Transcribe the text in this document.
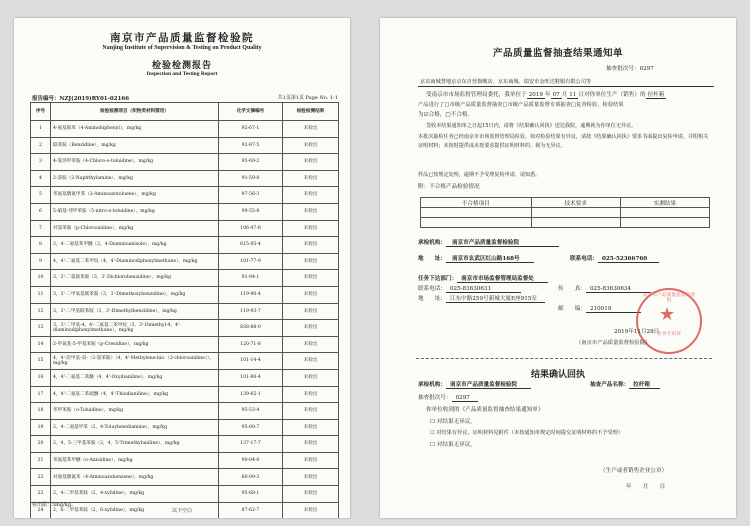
南京市产品质量监督检验院
Nanjing Institute of Supervision & Testing on Product Quality
检验检测报告
Inspection and Testing Report
报告编号：NZJ(2019)RY01-02166	共1页第1页 Page No. 1-1
序号	检验检测项目（织物类材料禁用）	化学文摘编号	检验检测结果
1	4-氨基联苯（4-Aminobiphenyl），mg/kg	92-67-1	未检出
2	联苯胺（Benzidine），mg/kg	92-87-5	未检出
3	4-氯邻甲苯胺（4-Chloro-o-toluidine），mg/kg	95-69-2	未检出
4	2-萘胺（2-Naphthylamine），mg/kg	91-59-8	未检出
5	邻氨基偶氮甲苯（2-Aminoazotoluene），mg/kg	97-56-3	未检出
6	5-硝基-邻甲苯胺（5-nitro-o-toluidine），mg/kg	99-55-8	未检出
7	对氯苯胺（p-Chloroaniline），mg/kg	106-47-8	未检出
8	2，4-二氨基苯甲醚（2，4-Diaminoanisole），mg/kg	615-05-4	未检出
9	4，4'-二氨基二苯甲烷（4，4'-Diaminodiphenylmethane），mg/kg	101-77-9	未检出
10	3，3'-二氯联苯胺（3，3'-Dichlorobenzidine），mg/kg	91-94-1	未检出
11	3，3'-二甲氧基联苯胺（3，3'-Dimethoxybenzidine），mg/kg	119-90-4	未检出
12	3，3'-二甲基联苯胺（3，3'-Dimethylbenzidine），mg/kg	119-93-7	未检出
13	3，3'-二甲基-4，4'-二氨基二苯甲烷（3，3'-Dimethyl-4，4'-diaminodiphenylmethane），mg/kg	838-88-0	未检出
14	2-甲氧基-5-甲基苯胺（p-Cresidine），mg/kg	120-71-8	未检出
15	4，4'-次甲基-双-（2-氯苯胺）（4，4'-Methylene-bis-（2-chloroaniline）），mg/kg	101-14-4	未检出
16	4，4'-二氨基二苯醚（4，4'-Oxydianiline），mg/kg	101-80-4	未检出
17	4，4'-二氨基二苯硫醚（4，4'-Thiodianiline），mg/kg	139-65-1	未检出
18	邻甲苯胺（o-Toluidine），mg/kg	95-53-4	未检出
19	2，4-二氨基甲苯（2，4-Toluylenediamine），mg/kg	95-80-7	未检出
20	2，4，5-三甲基苯胺（2，4，5-Trimethylaniline），mg/kg	137-17-7	未检出
21	邻氨基苯甲醚（o-Anisidine），mg/kg	90-04-0	未检出
22	对氨基偶氮苯（4-Aminoazobenzene），mg/kg	60-09-3	未检出
23	2，4-二甲基苯胺（2，4-xylidine），mg/kg	95-68-1	未检出
24	2，6-二甲基苯胺（2，6-xylidine），mg/kg	87-62-7	未检出
检出限：5mg/kg。
以下空白
产品质量监督抽查结果通知单
抽查批次号：0297
京东商城慧地京京东自营旗舰店、京东商城、瑞安市金旺达鞋服有限公司等
受南京市市场监督管理局委托，我单位于 2019 年 07 月 11 日对你单位生产（销售）的 拉杆箱
产品进行了□市级产品质量监督抽查□市级产品质量监督专项抽查□复查检验，检验结果
为☑合格，□不合格。
签收本结果通知单之日起15日内，请将《结果确认回执》送达我院，逾期视为你单位无异议。
本批次抽检任务已经南京市市场监督管理局检验，如对检验结果有异议，请按《结果确认回执》要求书面提出复检申请，并附相关证明材料；未按时提供或未按要求提供证明材料的，视为无异议。
样品已按规定处理，逾期不予受理复检申请，请知悉。
附：不合格产品检验情况
不合格项目	技术要求	实测结果

承检机构： 南京市产品质量监督检验院
地　　址： 南京市玄武区红山路168号	联系电话： 025-52366760
任务下达部门： 南京市市场监督管理局监督处
联系电话： 025-83630631	传　　真： 025-83630634
地　　址： 江东中路259号新城大厦E座915室
邮　　编： 210019	★
南京市产品质量监督检验院
业务专用章
2019年11月28日
（南京市产品质量监督检验院）
结果确认回执
承检机构： 南京市产品质量监督检验院	抽查产品名称： 拉杆箱
抽查批次号： 0297
你单位收到的《产品质量监督抽查结果通知单》
☐ 对结果无异议。
☐ 对结果有异议，证明材料见附件（未按通知单规定时间提交证明材料的不予受理）
☐ 对结果无异议。
（生产或者销售企业公章）
年　　月　　日
